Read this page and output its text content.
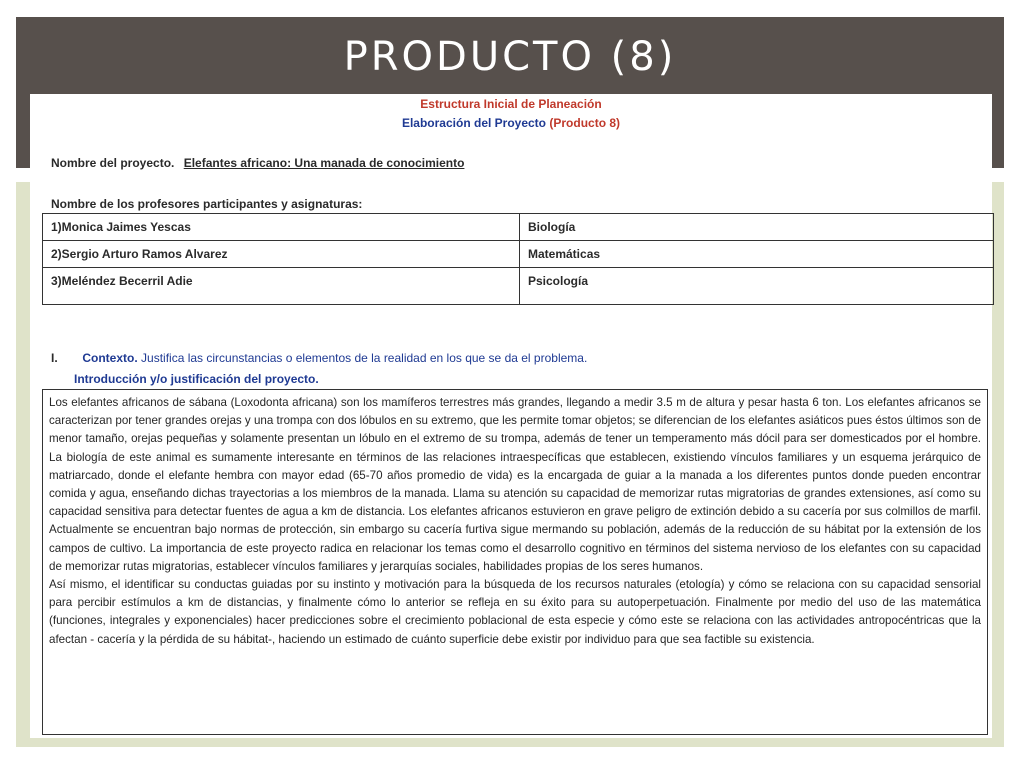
PRODUCTO (8)
Estructura Inicial de Planeación
Elaboración del Proyecto (Producto 8)
Nombre del proyecto. Elefantes africano: Una manada de conocimiento
Nombre de los profesores participantes y asignaturas:
1)Monica Jaimes Yescas	Biología
2)Sergio Arturo Ramos Alvarez	Matemáticas
3)Meléndez Becerril Adie	Psicología
I. Contexto. Justifica las circunstancias o elementos de la realidad en los que se da el problema.
Introducción y/o justificación del proyecto.

Los elefantes africanos de sábana (Loxodonta africana) son los mamíferos terrestres más grandes, llegando a medir 3.5 m de altura y pesar hasta 6 ton. Los elefantes africanos se caracterizan por tener grandes orejas y una trompa con dos lóbulos en su extremo, que les permite tomar objetos; se diferencian de los elefantes asiáticos pues éstos últimos son de menor tamaño, orejas pequeñas y solamente presentan un lóbulo en el extremo de su trompa, además de tener un temperamento más dócil para ser domesticados por el hombre. La biología de este animal es sumamente interesante en términos de las relaciones intraespecíficas que establecen, existiendo vínculos familiares y un esquema jerárquico de matriarcado, donde el elefante hembra con mayor edad (65-70 años promedio de vida) es la encargada de guiar a la manada a los diferentes puntos donde pueden encontrar comida y agua, enseñando dichas trayectorias a los miembros de la manada. Llama su atención su capacidad de memorizar rutas migratorias de grandes extensiones, así como su capacidad sensitiva para detectar fuentes de agua a km de distancia. Los elefantes africanos estuvieron en grave peligro de extinción debido a su cacería por sus colmillos de marfil. Actualmente se encuentran bajo normas de protección, sin embargo su cacería furtiva sigue mermando su población, además de la reducción de su hábitat por la extensión de los campos de cultivo. La importancia de este proyecto radica en relacionar los temas como el desarrollo cognitivo en términos del sistema nervioso de los elefantes con su capacidad de memorizar rutas migratorias, establecer vínculos familiares y jerarquías sociales, habilidades propias de los seres humanos.

Así mismo, el identificar su conductas guiadas por su instinto y motivación para la búsqueda de los recursos naturales (etología) y cómo se relaciona con su capacidad sensorial para percibir estímulos a km de distancias, y finalmente cómo lo anterior se refleja en su éxito para su autoperpetuación. Finalmente por medio del uso de las matemática (funciones, integrales y exponenciales) hacer predicciones sobre el crecimiento poblacional de esta especie y cómo este se relaciona con las actividades antropocéntricas que la afectan - cacería y la pérdida de su hábitat-, haciendo un estimado de cuánto superficie debe existir por individuo para que sea factible su existencia.
